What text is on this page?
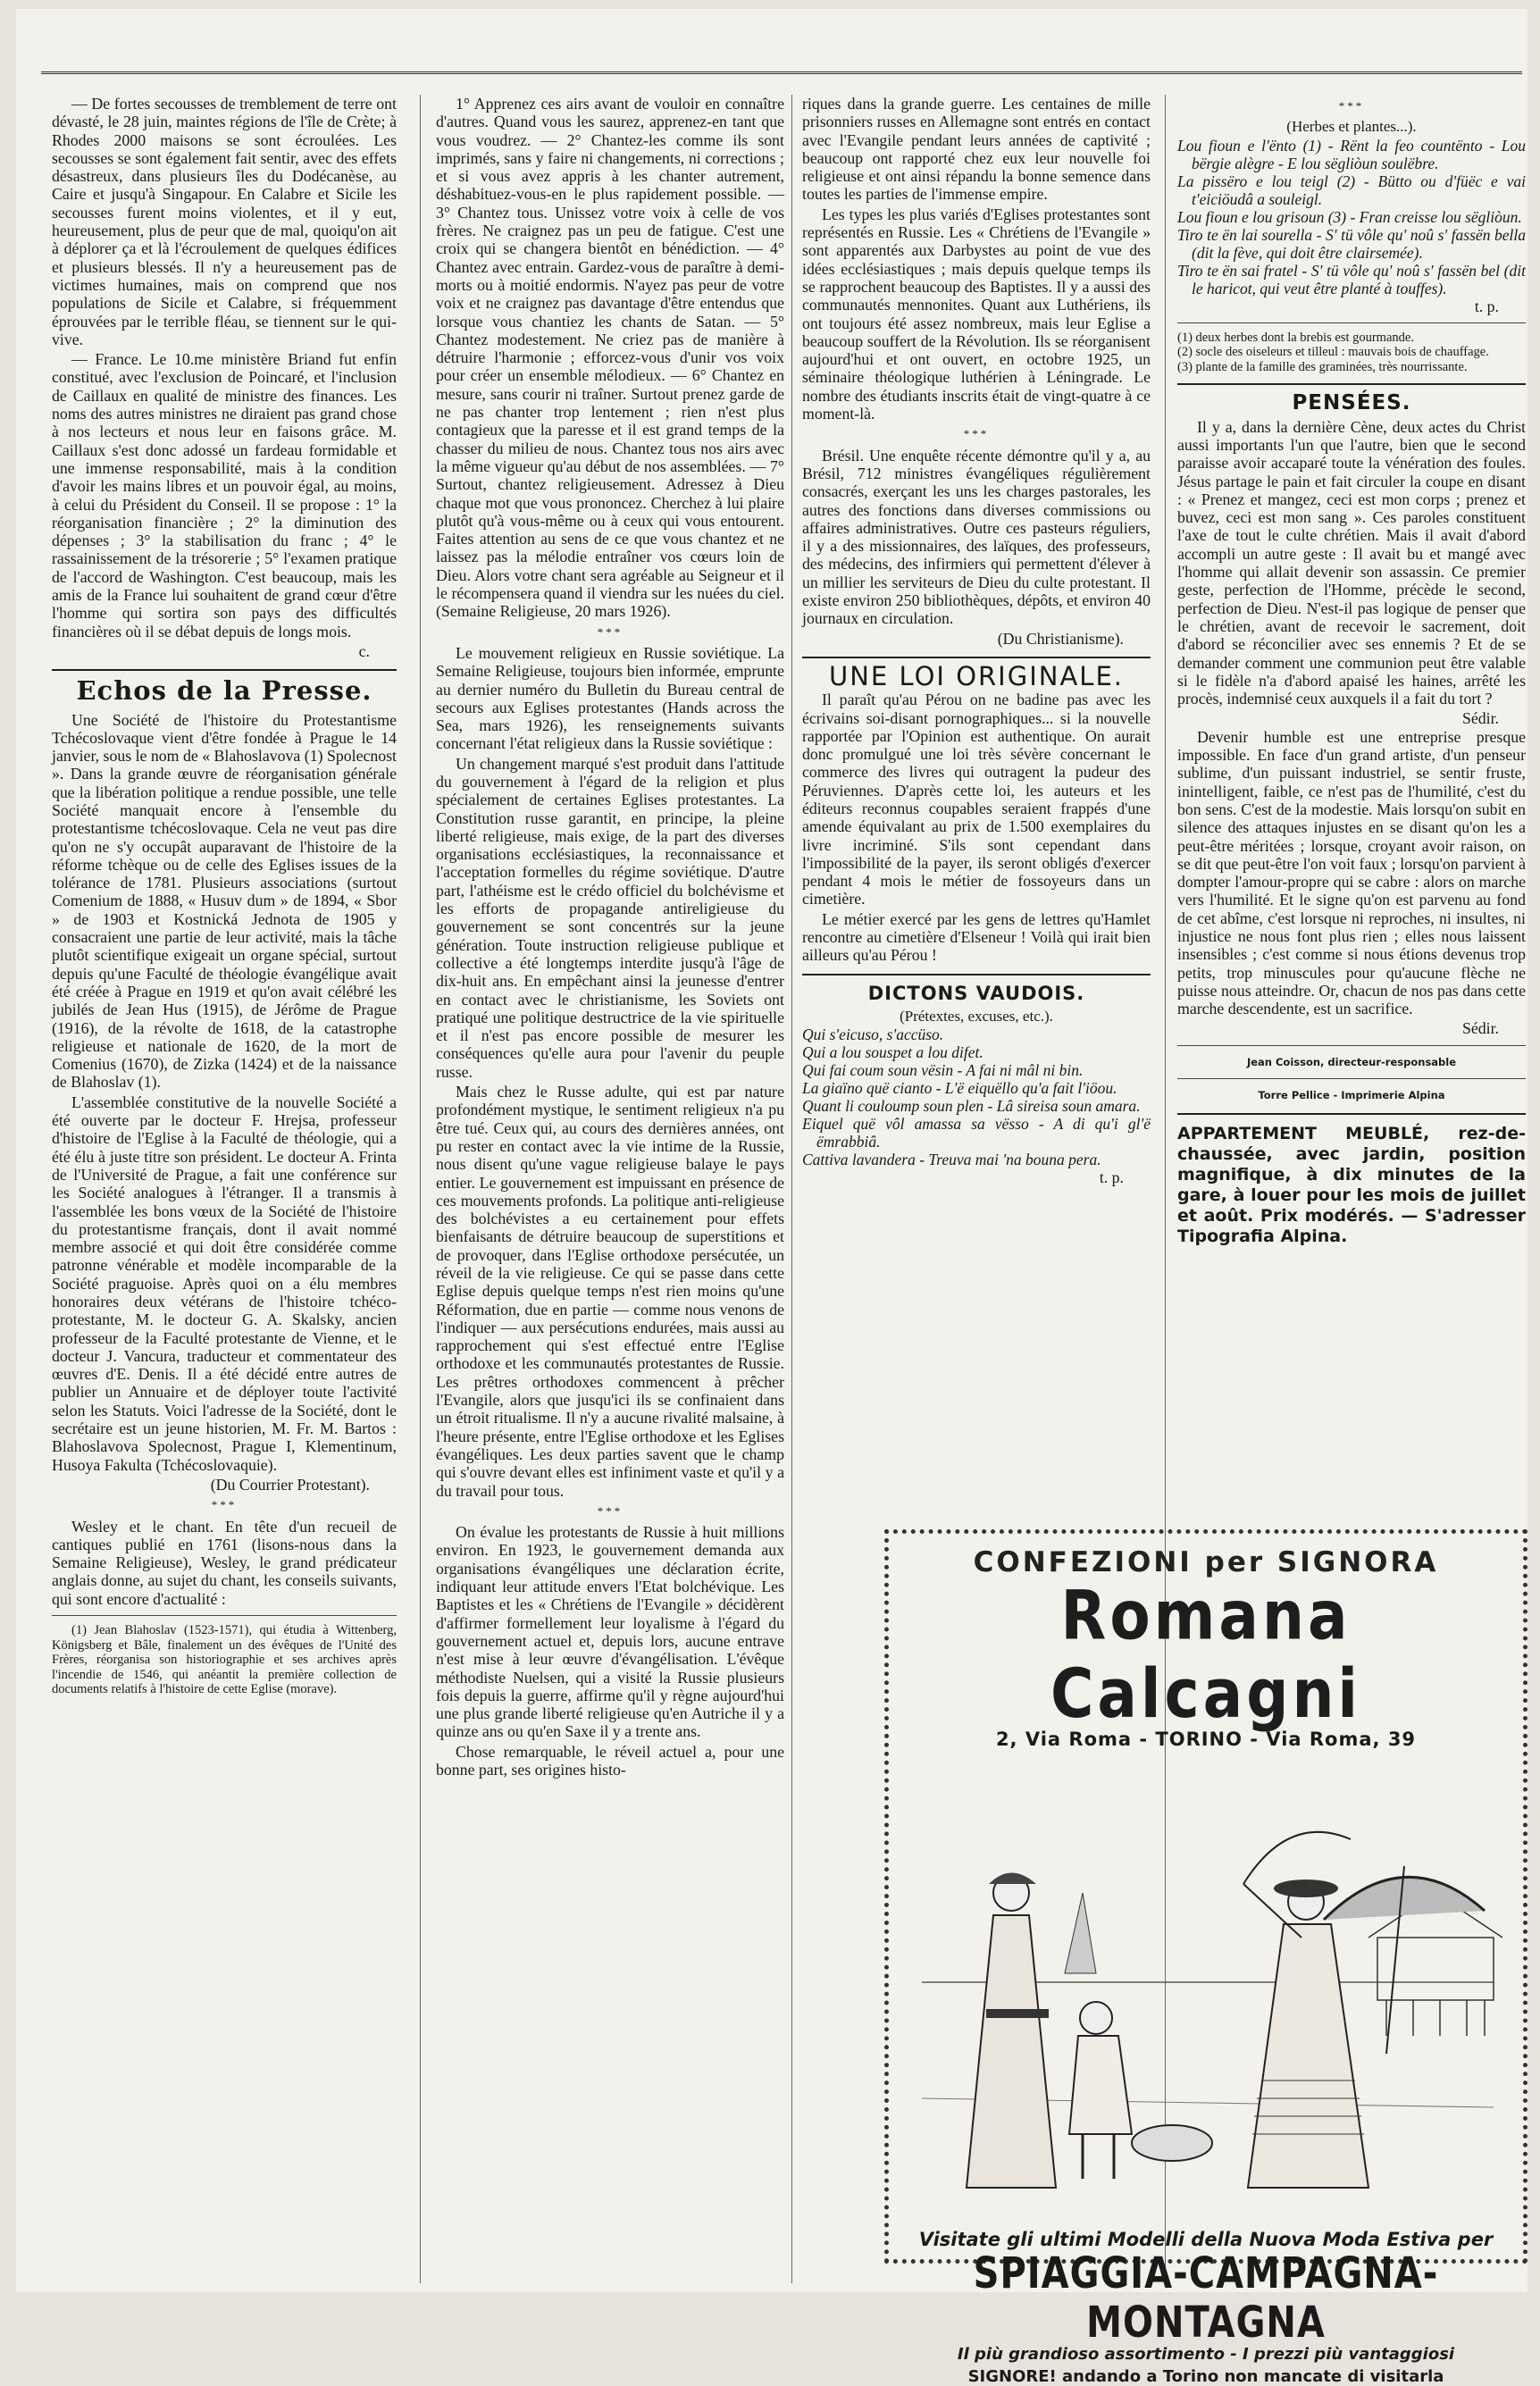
— De fortes secousses de tremblement de terre ont dévasté, le 28 juin, maintes régions de l'île de Crète; à Rhodes 2000 maisons se sont écroulées. Les secousses se sont également fait sentir, avec des effets désastreux, dans plusieurs îles du Dodécanèse, au Caire et jusqu'à Singapour. En Calabre et Sicile les secousses furent moins violentes, et il y eut, heureusement, plus de peur que de mal, quoiqu'on ait à déplorer ça et là l'écroulement de quelques édifices et plusieurs blessés. Il n'y a heureusement pas de victimes humaines, mais on comprend que nos populations de Sicile et Calabre, si fréquemment éprouvées par le terrible fléau, se tiennent sur le qui-vive.

— France. Le 10.me ministère Briand fut enfin constitué, avec l'exclusion de Poincaré, et l'inclusion de Caillaux en qualité de ministre des finances. Les noms des autres ministres ne diraient pas grand chose à nos lecteurs et nous leur en faisons grâce. M. Caillaux s'est donc adossé un fardeau formidable et une immense responsabilité, mais à la condition d'avoir les mains libres et un pouvoir égal, au moins, à celui du Président du Conseil. Il se propose : 1° la réorganisation financière ; 2° la diminution des dépenses ; 3° la stabilisation du franc ; 4° le rassainissement de la trésorerie ; 5° l'examen pratique de l'accord de Washington. C'est beaucoup, mais les amis de la France lui souhaitent de grand cœur d'être l'homme qui sortira son pays des difficultés financières où il se débat depuis de longs mois.

c.
Echos de la Presse.

Une Société de l'histoire du Protestantisme Tchécoslovaque vient d'être fondée à Prague le 14 janvier, sous le nom de « Blahoslavova (1) Spolecnost ». Dans la grande œuvre de réorganisation générale que la libération politique a rendue possible, une telle Société manquait encore à l'ensemble du protestantisme tchécoslovaque. Cela ne veut pas dire qu'on ne s'y occupât auparavant de l'histoire de la réforme tchèque ou de celle des Eglises issues de la tolérance de 1781. Plusieurs associations (surtout Comenium de 1888, « Husuv dum » de 1894, « Sbor » de 1903 et Kostnická Jednota de 1905 y consacraient une partie de leur activité, mais la tâche plutôt scientifique exigeait un organe spécial, surtout depuis qu'une Faculté de théologie évangélique avait été créée à Prague en 1919 et qu'on avait célébré les jubilés de Jean Hus (1915), de Jérôme de Prague (1916), de la révolte de 1618, de la catastrophe religieuse et nationale de 1620, de la mort de Comenius (1670), de Zizka (1424) et de la naissance de Blahoslav (1).

L'assemblée constitutive de la nouvelle Société a été ouverte par le docteur F. Hrejsa, professeur d'histoire de l'Eglise à la Faculté de théologie, qui a été élu à juste titre son président. Le docteur A. Frinta de l'Université de Prague, a fait une conférence sur les Société analogues à l'étranger. Il a transmis à l'assemblée les bons vœux de la Société de l'histoire du protestantisme français, dont il avait nommé membre associé et qui doit être considérée comme patronne vénérable et modèle incomparable de la Société praguoise. Après quoi on a élu membres honoraires deux vétérans de l'histoire tchéco-protestante, M. le docteur G. A. Skalsky, ancien professeur de la Faculté protestante de Vienne, et le docteur J. Vancura, traducteur et commentateur des œuvres d'E. Denis. Il a été décidé entre autres de publier un Annuaire et de déployer toute l'activité selon les Statuts. Voici l'adresse de la Société, dont le secrétaire est un jeune historien, M. Fr. M. Bartos : Blahoslavova Spolecnost, Prague I, Klementinum, Husoya Fakulta (Tchécoslovaquie).

(Du Courrier Protestant).
***

Wesley et le chant. En tête d'un recueil de cantiques publié en 1761 (lisons-nous dans la Semaine Religieuse), Wesley, le grand prédicateur anglais donne, au sujet du chant, les conseils suivants, qui sont encore d'actualité :

(1) Jean Blahoslav (1523-1571), qui étudia à Wittenberg, Königsberg et Bâle, finalement un des évêques de l'Unité des Frères, réorganisa son historiographie et ses archives après l'incendie de 1546, qui anéantit la première collection de documents relatifs à l'histoire de cette Eglise (morave).

1° Apprenez ces airs avant de vouloir en connaître d'autres. Quand vous les saurez, apprenez-en tant que vous voudrez. — 2° Chantez-les comme ils sont imprimés, sans y faire ni changements, ni corrections ; et si vous avez appris à les chanter autrement, déshabituez-vous-en le plus rapidement possible. — 3° Chantez tous. Unissez votre voix à celle de vos frères. Ne craignez pas un peu de fatigue. C'est une croix qui se changera bientôt en bénédiction. — 4° Chantez avec entrain. Gardez-vous de paraître à demi-morts ou à moitié endormis. N'ayez pas peur de votre voix et ne craignez pas davantage d'être entendus que lorsque vous chantiez les chants de Satan. — 5° Chantez modestement. Ne criez pas de manière à détruire l'harmonie ; efforcez-vous d'unir vos voix pour créer un ensemble mélodieux. — 6° Chantez en mesure, sans courir ni traîner. Surtout prenez garde de ne pas chanter trop lentement ; rien n'est plus contagieux que la paresse et il est grand temps de la chasser du milieu de nous. Chantez tous nos airs avec la même vigueur qu'au début de nos assemblées. — 7° Surtout, chantez religieusement. Adressez à Dieu chaque mot que vous prononcez. Cherchez à lui plaire plutôt qu'à vous-même ou à ceux qui vous entourent. Faites attention au sens de ce que vous chantez et ne laissez pas la mélodie entraîner vos cœurs loin de Dieu. Alors votre chant sera agréable au Seigneur et il le récompensera quand il viendra sur les nuées du ciel. (Semaine Religieuse, 20 mars 1926).

***

Le mouvement religieux en Russie soviétique. La Semaine Religieuse, toujours bien informée, emprunte au dernier numéro du Bulletin du Bureau central de secours aux Eglises protestantes (Hands across the Sea, mars 1926), les renseignements suivants concernant l'état religieux dans la Russie soviétique :

Un changement marqué s'est produit dans l'attitude du gouvernement à l'égard de la religion et plus spécialement de certaines Eglises protestantes. La Constitution russe garantit, en principe, la pleine liberté religieuse, mais exige, de la part des diverses organisations ecclésiastiques, la reconnaissance et l'acceptation formelles du régime soviétique. D'autre part, l'athéisme est le crédo officiel du bolchévisme et les efforts de propagande antireligieuse du gouvernement se sont concentrés sur la jeune génération. Toute instruction religieuse publique et collective a été longtemps interdite jusqu'à l'âge de dix-huit ans. En empêchant ainsi la jeunesse d'entrer en contact avec le christianisme, les Soviets ont pratiqué une politique destructrice de la vie spirituelle et il n'est pas encore possible de mesurer les conséquences qu'elle aura pour l'avenir du peuple russe.

Mais chez le Russe adulte, qui est par nature profondément mystique, le sentiment religieux n'a pu être tué. Ceux qui, au cours des dernières années, ont pu rester en contact avec la vie intime de la Russie, nous disent qu'une vague religieuse balaye le pays entier. Le gouvernement est impuissant en présence de ces mouvements profonds. La politique anti-religieuse des bolchévistes a eu certainement pour effets bienfaisants de détruire beaucoup de superstitions et de provoquer, dans l'Eglise orthodoxe persécutée, un réveil de la vie religieuse. Ce qui se passe dans cette Eglise depuis quelque temps n'est rien moins qu'une Réformation, due en partie — comme nous venons de l'indiquer — aux persécutions endurées, mais aussi au rapprochement qui s'est effectué entre l'Eglise orthodoxe et les communautés protestantes de Russie. Les prêtres orthodoxes commencent à prêcher l'Evangile, alors que jusqu'ici ils se confinaient dans un étroit ritualisme. Il n'y a aucune rivalité malsaine, à l'heure présente, entre l'Eglise orthodoxe et les Eglises évangéliques. Les deux parties savent que le champ qui s'ouvre devant elles est infiniment vaste et qu'il y a du travail pour tous.

***

On évalue les protestants de Russie à huit millions environ. En 1923, le gouvernement demanda aux organisations évangéliques une déclaration écrite, indiquant leur attitude envers l'Etat bolchévique. Les Baptistes et les « Chrétiens de l'Evangile » décidèrent d'affirmer formellement leur loyalisme à l'égard du gouvernement actuel et, depuis lors, aucune entrave n'est mise à leur œuvre d'évangélisation. L'évêque méthodiste Nuelsen, qui a visité la Russie plusieurs fois depuis la guerre, affirme qu'il y règne aujourd'hui une plus grande liberté religieuse qu'en Autriche il y a quinze ans ou qu'en Saxe il y a trente ans.

Chose remarquable, le réveil actuel a, pour une bonne part, ses origines histo-

riques dans la grande guerre. Les centaines de mille prisonniers russes en Allemagne sont entrés en contact avec l'Evangile pendant leurs années de captivité ; beaucoup ont rapporté chez eux leur nouvelle foi religieuse et ont ainsi répandu la bonne semence dans toutes les parties de l'immense empire.

Les types les plus variés d'Eglises protestantes sont représentés en Russie. Les « Chrétiens de l'Evangile » sont apparentés aux Darbystes au point de vue des idées ecclésiastiques ; mais depuis quelque temps ils se rapprochent beaucoup des Baptistes. Il y a aussi des communautés mennonites. Quant aux Luthériens, ils ont toujours été assez nombreux, mais leur Eglise a beaucoup souffert de la Révolution. Ils se réorganisent aujourd'hui et ont ouvert, en octobre 1925, un séminaire théologique luthérien à Léningrade. Le nombre des étudiants inscrits était de vingt-quatre à ce moment-là.

***

Brésil. Une enquête récente démontre qu'il y a, au Brésil, 712 ministres évangéliques régulièrement consacrés, exerçant les uns les charges pastorales, les autres des fonctions dans diverses commissions ou affaires administratives. Outre ces pasteurs réguliers, il y a des missionnaires, des laïques, des professeurs, des médecins, des infirmiers qui permettent d'élever à un millier les serviteurs de Dieu du culte protestant. Il existe environ 250 bibliothèques, dépôts, et environ 40 journaux en circulation.

(Du Christianisme).
UNE LOI ORIGINALE.

Il paraît qu'au Pérou on ne badine pas avec les écrivains soi-disant pornographiques... si la nouvelle rapportée par l'Opinion est authentique. On aurait donc promulgué une loi très sévère concernant le commerce des livres qui outragent la pudeur des Péruviennes. D'après cette loi, les auteurs et les éditeurs reconnus coupables seraient frappés d'une amende équivalant au prix de 1.500 exemplaires du livre incriminé. S'ils sont cependant dans l'impossibilité de la payer, ils seront obligés d'exercer pendant 4 mois le métier de fossoyeurs dans un cimetière.

Le métier exercé par les gens de lettres qu'Hamlet rencontre au cimetière d'Elseneur ! Voilà qui irait bien ailleurs qu'au Pérou !

DICTONS VAUDOIS.
(Prétextes, excuses, etc.).
Qui s'eicuso, s'accüso.
Qui a lou souspet a lou difet.
Qui fai coum soun vësin - A fai ni mâl ni bin.
La giaïno quë cianto - L'ë eiquëllo qu'a fait l'iöou.
Quant li couloump soun plen - Lâ sireisa soun amara.
Eiquel quë vôl amassa sa vësso - A di qu'i gl'ë ëmrabbiâ.
Cattiva lavandera - Treuva mai 'na bouna pera.
t. p.
***
(Herbes et plantes...).
Lou fioun e l'ënto (1) - Rënt la feo countënto - Lou bërgie alègre - E lou sëgliòun soulëbre.
La pissëro e lou teigl (2) - Bütto ou d'füëc e vai t'eiciöudâ a souleigl.
Lou fioun e lou grisoun (3) - Fran creisse lou sëgliòun.
Tiro te ën lai sourella - S' tü vôle qu' noû s' fassën bella (dit la fève, qui doit être clairsemée).
Tiro te ën sai fratel - S' tü vôle qu' noû s' fassën bel (dit le haricot, qui veut être planté à touffes).
t. p.
(1) deux herbes dont la brebis est gourmande.
(2) socle des oiseleurs et tilleul : mauvais bois de chauffage.
(3) plante de la famille des graminées, très nourrissante.
PENSÉES.

Il y a, dans la dernière Cène, deux actes du Christ aussi importants l'un que l'autre, bien que le second paraisse avoir accaparé toute la vénération des foules. Jésus partage le pain et fait circuler la coupe en disant : « Prenez et mangez, ceci est mon corps ; prenez et buvez, ceci est mon sang ». Ces paroles constituent l'axe de tout le culte chrétien. Mais il avait d'abord accompli un autre geste : Il avait bu et mangé avec l'homme qui allait devenir son assassin. Ce premier geste, perfection de l'Homme, précède le second, perfection de Dieu. N'est-il pas logique de penser que le chrétien, avant de recevoir le sacrement, doit d'abord se réconcilier avec ses ennemis ? Et de se demander comment une communion peut être valable si le fidèle n'a d'abord apaisé les haines, arrêté les procès, indemnisé ceux auxquels il a fait du tort ?

Sédir.

Devenir humble est une entreprise presque impossible. En face d'un grand artiste, d'un penseur sublime, d'un puissant industriel, se sentir fruste, inintelligent, faible, ce n'est pas de l'humilité, c'est du bon sens. C'est de la modestie. Mais lorsqu'on subit en silence des attaques injustes en se disant qu'on les a peut-être méritées ; lorsque, croyant avoir raison, on se dit que peut-être l'on voit faux ; lorsqu'on parvient à dompter l'amour-propre qui se cabre : alors on marche vers l'humilité. Et le signe qu'on est parvenu au fond de cet abîme, c'est lorsque ni reproches, ni insultes, ni injustice ne nous font plus rien ; elles nous laissent insensibles ; c'est comme si nous étions devenus trop petits, trop minuscules pour qu'aucune flèche ne puisse nous atteindre. Or, chacun de nos pas dans cette marche descendente, est un sacrifice.

Sédir.
Jean Coisson, directeur-responsable
Torre Pellice - Imprimerie Alpina
APPARTEMENT MEUBLÉ, rez-de-chaussée, avec jardin, position magnifique, à dix minutes de la gare, à louer pour les mois de juillet et août. Prix modérés. — S'adresser Tipografia Alpina.
CONFEZIONI per SIGNORA
Romana Calcagni
2, Via Roma - TORINO - Via Roma, 39
Visitate gli ultimi Modelli della Nuova Moda Estiva per
SPIAGGIA-CAMPAGNA-MONTAGNA
Il più grandioso assortimento - I prezzi più vantaggiosi
SIGNORE! andando a Torino non mancate di visitarla
